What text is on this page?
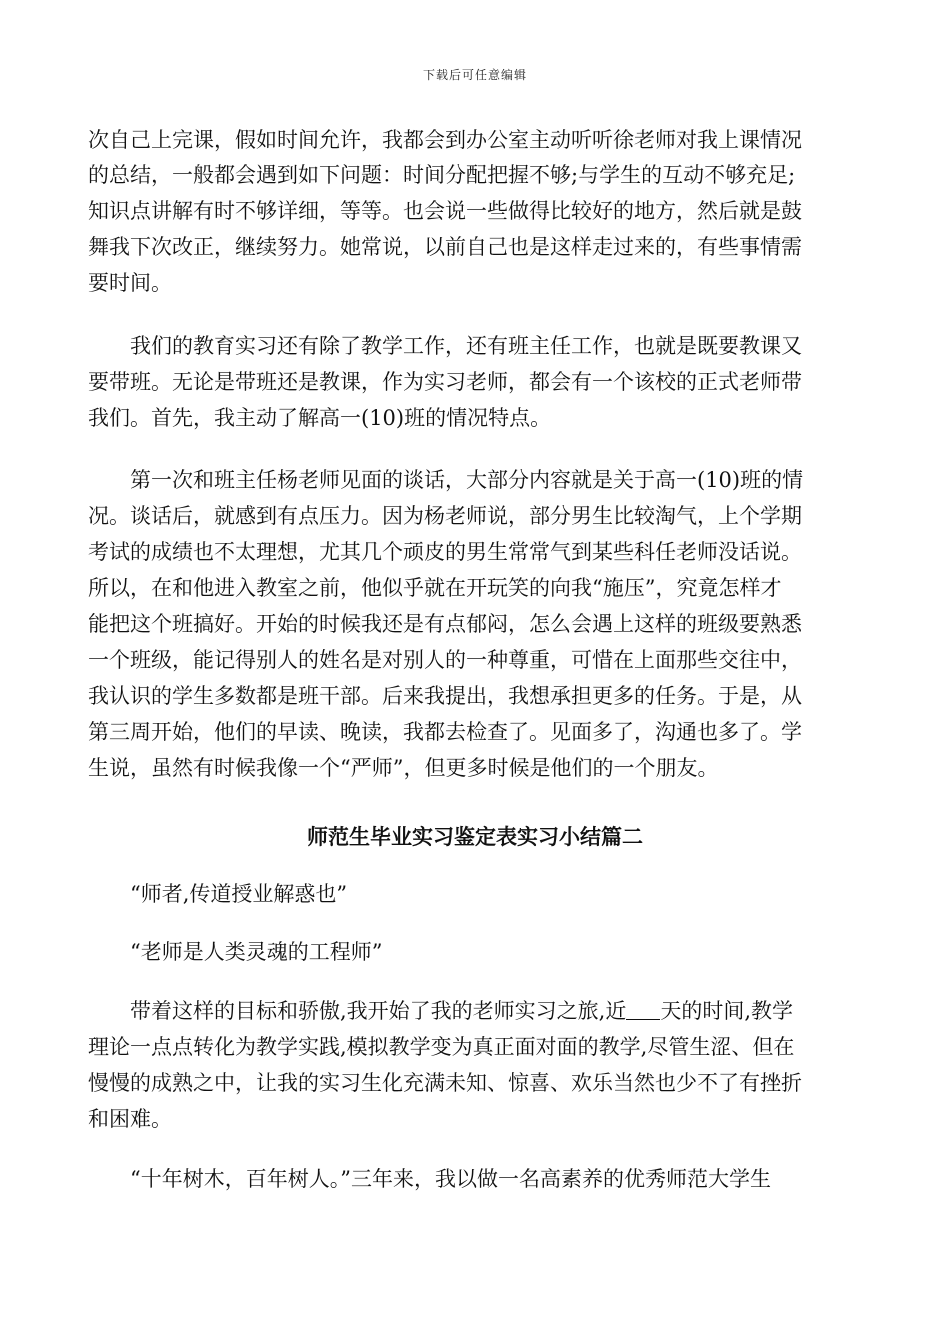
下载后可任意编辑
次自己上完课，假如时间允许，我都会到办公室主动听听徐老师对我上课情况
的总结，一般都会遇到如下问题：时间分配把握不够;与学生的互动不够充足;
知识点讲解有时不够详细，等等。也会说一些做得比较好的地方，然后就是鼓
舞我下次改正，继续努力。她常说，以前自己也是这样走过来的，有些事情需
要时间。
　　我们的教育实习还有除了教学工作，还有班主任工作，也就是既要教课又
要带班。无论是带班还是教课，作为实习老师，都会有一个该校的正式老师带
我们。首先，我主动了解高一(10)班的情况特点。
　　第一次和班主任杨老师见面的谈话，大部分内容就是关于高一(10)班的情
况。谈话后，就感到有点压力。因为杨老师说，部分男生比较淘气，上个学期
考试的成绩也不太理想，尤其几个顽皮的男生常常气到某些科任老师没话说。
所以，在和他进入教室之前，他似乎就在开玩笑的向我“施压”，究竟怎样才
能把这个班搞好。开始的时候我还是有点郁闷，怎么会遇上这样的班级要熟悉
一个班级，能记得别人的姓名是对别人的一种尊重，可惜在上面那些交往中，
我认识的学生多数都是班干部。后来我提出，我想承担更多的任务。于是，从
第三周开始，他们的早读、晚读，我都去检查了。见面多了，沟通也多了。学
生说，虽然有时候我像一个“严师”，但更多时候是他们的一个朋友。
师范生毕业实习鉴定表实习小结篇二
　　“师者,传道授业解惑也”
　　“老师是人类灵魂的工程师”
　　带着这样的目标和骄傲,我开始了我的老师实习之旅,近 天的时间,教学
理论一点点转化为教学实践,模拟教学变为真正面对面的教学,尽管生涩、但在
慢慢的成熟之中，让我的实习生化充满未知、惊喜、欢乐当然也少不了有挫折
和困难。
　　“十年树木，百年树人。”三年来，我以做一名高素养的优秀师范大学生
